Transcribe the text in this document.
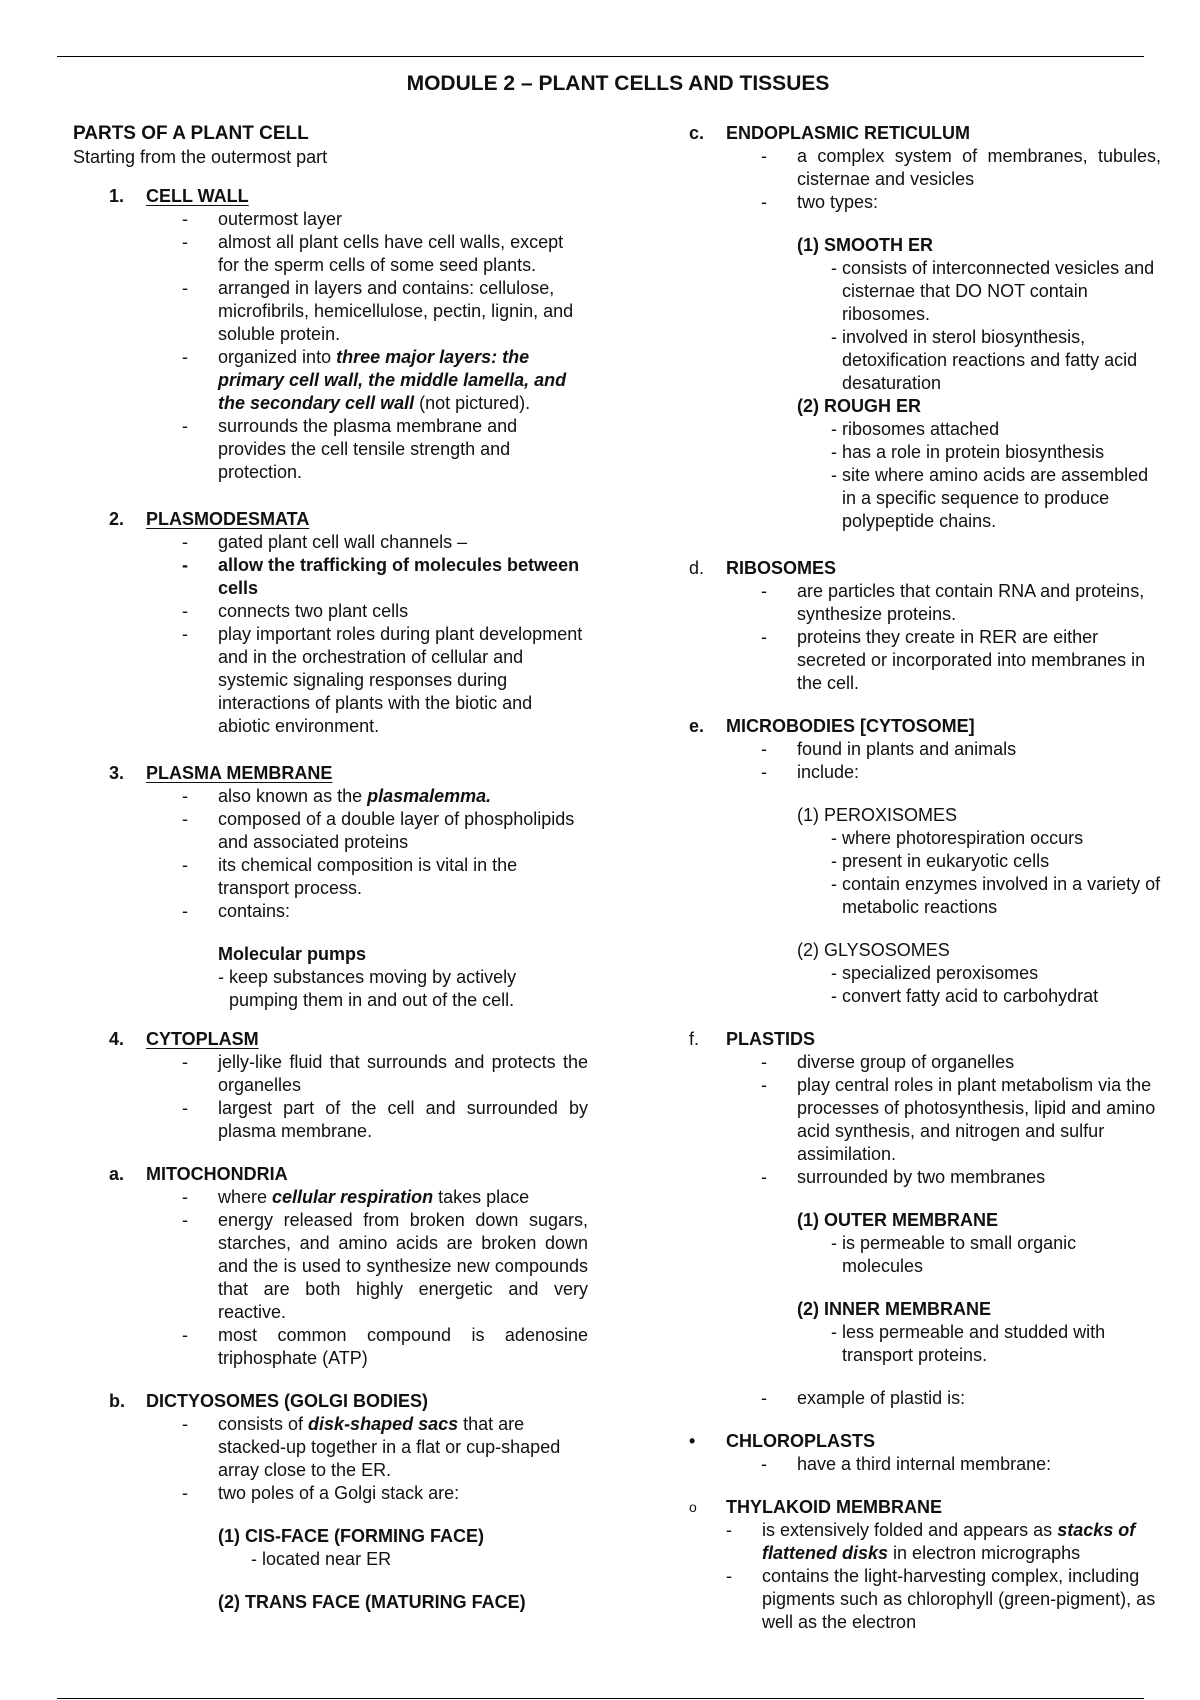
MODULE 2 – PLANT CELLS AND TISSUES
PARTS OF A PLANT CELL
Starting from the outermost part
1. CELL WALL
- outermost layer
- almost all plant cells have cell walls, except for the sperm cells of some seed plants.
- arranged in layers and contains: cellulose, microfibrils, hemicellulose, pectin, lignin, and soluble protein.
- organized into three major layers: the primary cell wall, the middle lamella, and the secondary cell wall (not pictured).
- surrounds the plasma membrane and provides the cell tensile strength and protection.
2. PLASMODESMATA
- gated plant cell wall channels –
- allow the trafficking of molecules between cells
- connects two plant cells
- play important roles during plant development and in the orchestration of cellular and systemic signaling responses during interactions of plants with the biotic and abiotic environment.
3. PLASMA MEMBRANE
- also known as the plasmalemma.
- composed of a double layer of phospholipids and associated proteins
- its chemical composition is vital in the transport process.
- contains:
Molecular pumps
- keep substances moving by actively pumping them in and out of the cell.
4. CYTOPLASM
- jelly-like fluid that surrounds and protects the organelles
- largest part of the cell and surrounded by plasma membrane.
a. MITOCHONDRIA
- where cellular respiration takes place
- energy released from broken down sugars, starches, and amino acids are broken down and the is used to synthesize new compounds that are both highly energetic and very reactive.
- most common compound is adenosine triphosphate (ATP)
b. DICTYOSOMES (GOLGI BODIES)
- consists of disk-shaped sacs that are stacked-up together in a flat or cup-shaped array close to the ER.
- two poles of a Golgi stack are:
(1) CIS-FACE (FORMING FACE)
- located near ER
(2) TRANS FACE (MATURING FACE)
c. ENDOPLASMIC RETICULUM
- a complex system of membranes, tubules, cisternae and vesicles
- two types:
(1) SMOOTH ER
- consists of interconnected vesicles and cisternae that DO NOT contain ribosomes.
- involved in sterol biosynthesis, detoxification reactions and fatty acid desaturation
(2) ROUGH ER
- ribosomes attached
- has a role in protein biosynthesis
- site where amino acids are assembled in a specific sequence to produce polypeptide chains.
d. RIBOSOMES
- are particles that contain RNA and proteins, synthesize proteins.
- proteins they create in RER are either secreted or incorporated into membranes in the cell.
e. MICROBODIES [CYTOSOME]
- found in plants and animals
- include:
(1) PEROXISOMES
- where photorespiration occurs
- present in eukaryotic cells
- contain enzymes involved in a variety of metabolic reactions
(2) GLYSOSOMES
- specialized peroxisomes
- convert fatty acid to carbohydrat
f. PLASTIDS
- diverse group of organelles
- play central roles in plant metabolism via the processes of photosynthesis, lipid and amino acid synthesis, and nitrogen and sulfur assimilation.
- surrounded by two membranes
(1) OUTER MEMBRANE
- is permeable to small organic molecules
(2) INNER MEMBRANE
- less permeable and studded with transport proteins.
- example of plastid is:
• CHLOROPLASTS
- have a third internal membrane:
o THYLAKOID MEMBRANE
- is extensively folded and appears as stacks of flattened disks in electron micrographs
- contains the light-harvesting complex, including pigments such as chlorophyll (green-pigment), as well as the electron
